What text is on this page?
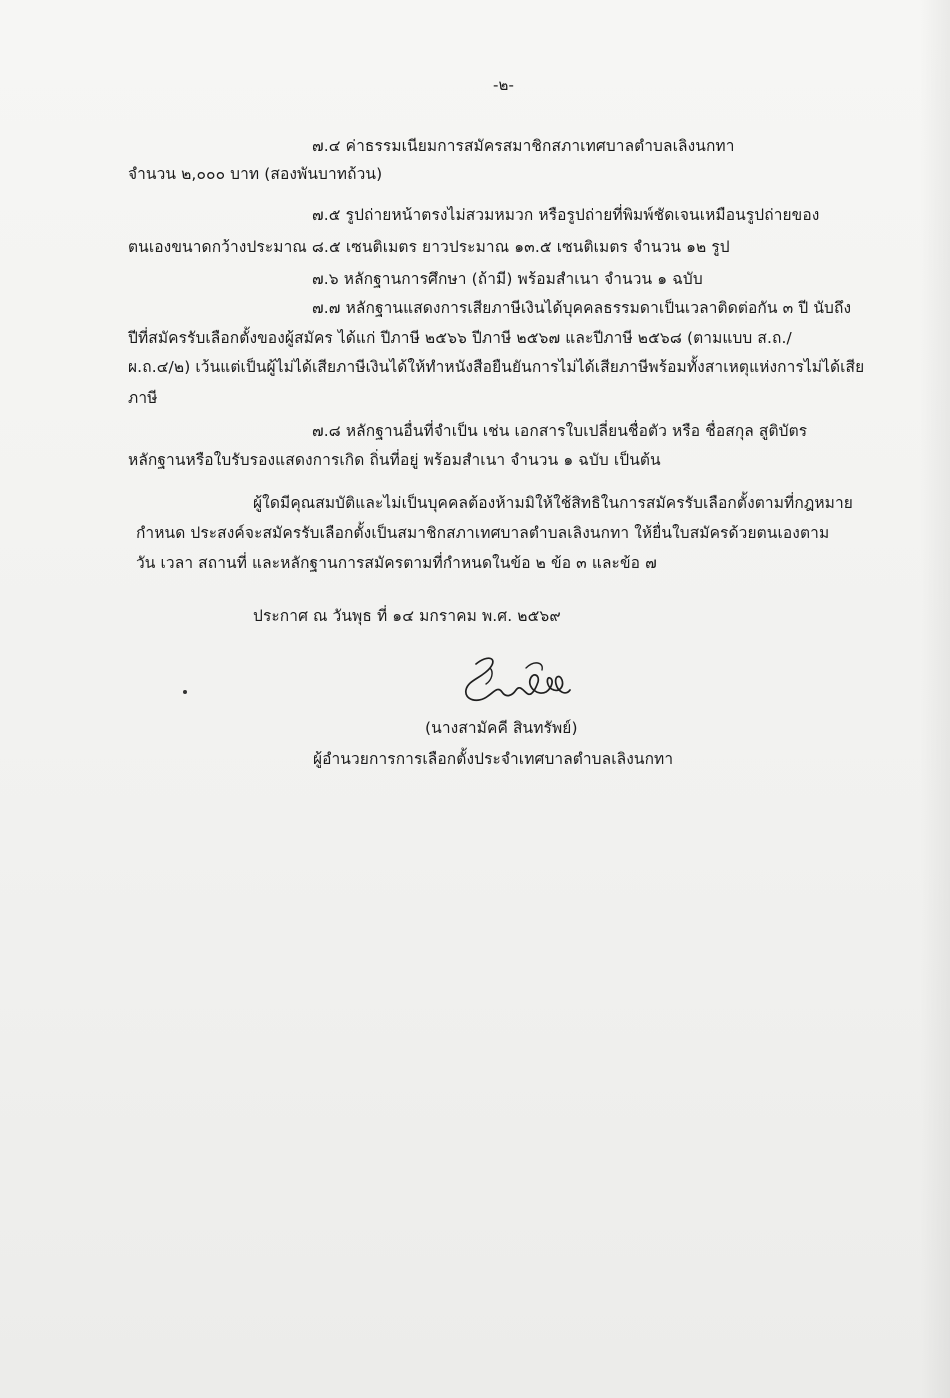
-๒-
๗.๔ ค่าธรรมเนียมการสมัครสมาชิกสภาเทศบาลตำบลเลิงนกทา
จำนวน ๒,๐๐๐ บาท (สองพันบาทถ้วน)
๗.๕ รูปถ่ายหน้าตรงไม่สวมหมวก หรือรูปถ่ายที่พิมพ์ชัดเจนเหมือนรูปถ่ายของ
ตนเองขนาดกว้างประมาณ ๘.๕ เซนติเมตร ยาวประมาณ ๑๓.๕ เซนติเมตร จำนวน ๑๒ รูป
๗.๖ หลักฐานการศึกษา (ถ้ามี) พร้อมสำเนา จำนวน ๑ ฉบับ
๗.๗ หลักฐานแสดงการเสียภาษีเงินได้บุคคลธรรมดาเป็นเวลาติดต่อกัน ๓ ปี นับถึง
ปีที่สมัครรับเลือกตั้งของผู้สมัคร ได้แก่ ปีภาษี ๒๕๖๖ ปีภาษี ๒๕๖๗ และปีภาษี ๒๕๖๘ (ตามแบบ ส.ถ./
ผ.ถ.๔/๒) เว้นแต่เป็นผู้ไม่ได้เสียภาษีเงินได้ให้ทำหนังสือยืนยันการไม่ได้เสียภาษีพร้อมทั้งสาเหตุแห่งการไม่ได้เสีย
ภาษี
๗.๘ หลักฐานอื่นที่จำเป็น เช่น เอกสารใบเปลี่ยนชื่อตัว หรือ ชื่อสกุล สูติบัตร
หลักฐานหรือใบรับรองแสดงการเกิด ถิ่นที่อยู่ พร้อมสำเนา จำนวน ๑ ฉบับ เป็นต้น
ผู้ใดมีคุณสมบัติและไม่เป็นบุคคลต้องห้ามมิให้ใช้สิทธิในการสมัครรับเลือกตั้งตามที่กฎหมาย
กำหนด ประสงค์จะสมัครรับเลือกตั้งเป็นสมาชิกสภาเทศบาลตำบลเลิงนกทา ให้ยื่นใบสมัครด้วยตนเองตาม
วัน เวลา สถานที่ และหลักฐานการสมัครตามที่กำหนดในข้อ ๒ ข้อ ๓ และข้อ ๗
ประกาศ ณ วันพุธ ที่ ๑๔ มกราคม พ.ศ. ๒๕๖๙
(นางสามัคคี สินทรัพย์)
ผู้อำนวยการการเลือกตั้งประจำเทศบาลตำบลเลิงนกทา
